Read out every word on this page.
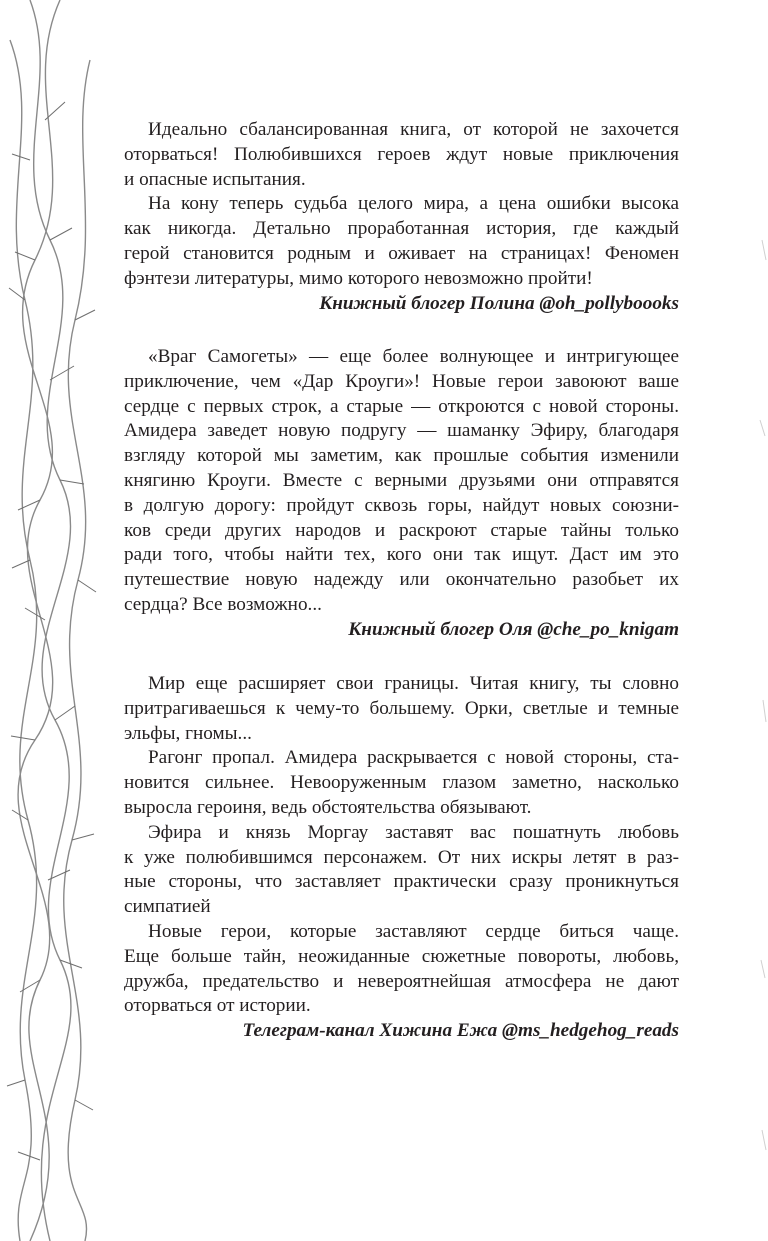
Идеально сбалансированная книга, от которой не захочется
оторваться! Полюбившихся героев ждут новые приключения
и опасные испытания.
На кону теперь судьба целого мира, а цена ошибки высока
как никогда. Детально проработанная история, где каждый
герой становится родным и оживает на страницах! Феномен
фэнтези литературы, мимо которого невозможно пройти!
Книжный блогер Полина @oh_pollyboooks
«Враг Самогеты» — еще более волнующее и интригующее
приключение, чем «Дар Кроуги»! Новые герои завоюют ваше
сердце с первых строк, а старые — откроются с новой стороны.
Амидера заведет новую подругу — шаманку Эфиру, благодаря
взгляду которой мы заметим, как прошлые события изменили
княгиню Кроуги. Вместе с верными друзьями они отправятся
в долгую дорогу: пройдут сквозь горы, найдут новых союзни-
ков среди других народов и раскроют старые тайны только
ради того, чтобы найти тех, кого они так ищут. Даст им это
путешествие новую надежду или окончательно разобьет их
сердца? Все возможно...
Книжный блогер Оля @che_po_knigam
Мир еще расширяет свои границы. Читая книгу, ты словно
притрагиваешься к чему-то большему. Орки, светлые и темные
эльфы, гномы...
Рагонг пропал. Амидера раскрывается с новой стороны, ста-
новится сильнее. Невооруженным глазом заметно, насколько
выросла героиня, ведь обстоятельства обязывают.
Эфира и князь Моргау заставят вас пошатнуть любовь
к уже полюбившимся персонажем. От них искры летят в раз-
ные стороны, что заставляет практически сразу проникнуться
симпатией
Новые герои, которые заставляют сердце биться чаще.
Еще больше тайн, неожиданные сюжетные повороты, любовь,
дружба, предательство и невероятнейшая атмосфера не дают
оторваться от истории.
Телеграм-канал Хижина Ежа @ms_hedgehog_reads
